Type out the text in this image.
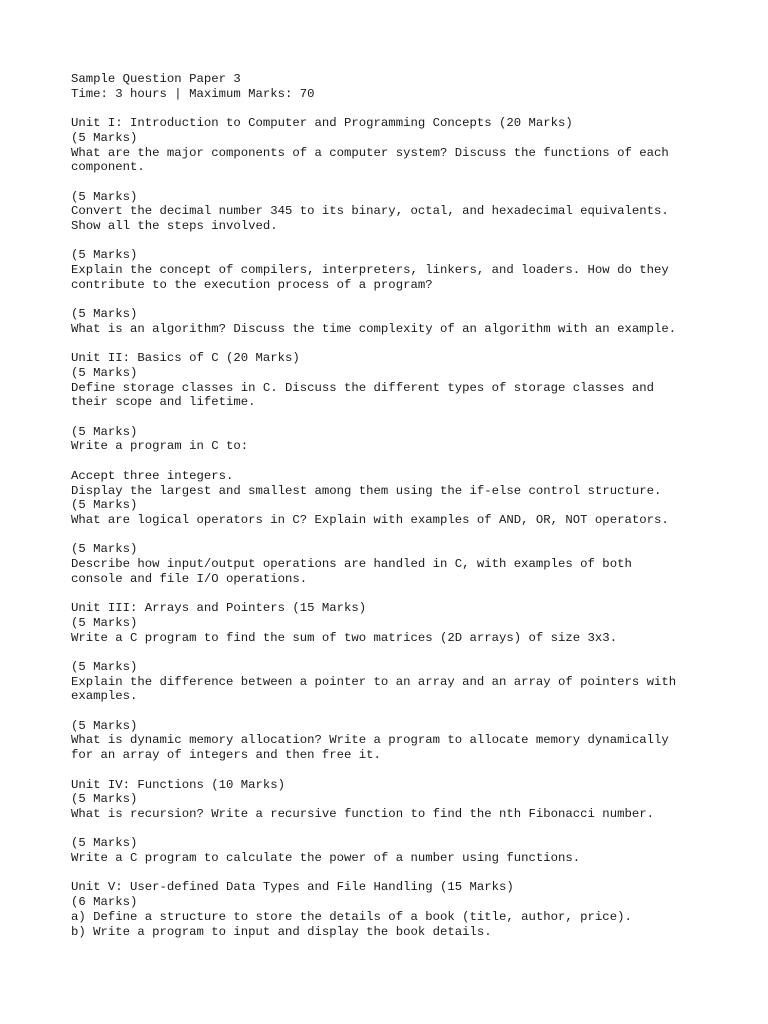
Sample Question Paper 3
Time: 3 hours | Maximum Marks: 70
Unit I: Introduction to Computer and Programming Concepts (20 Marks)
(5 Marks)
What are the major components of a computer system? Discuss the functions of each
component.
(5 Marks)
Convert the decimal number 345 to its binary, octal, and hexadecimal equivalents.
Show all the steps involved.
(5 Marks)
Explain the concept of compilers, interpreters, linkers, and loaders. How do they
contribute to the execution process of a program?
(5 Marks)
What is an algorithm? Discuss the time complexity of an algorithm with an example.
Unit II: Basics of C (20 Marks)
(5 Marks)
Define storage classes in C. Discuss the different types of storage classes and
their scope and lifetime.
(5 Marks)
Write a program in C to:
Accept three integers.
Display the largest and smallest among them using the if-else control structure.
(5 Marks)
What are logical operators in C? Explain with examples of AND, OR, NOT operators.
(5 Marks)
Describe how input/output operations are handled in C, with examples of both
console and file I/O operations.
Unit III: Arrays and Pointers (15 Marks)
(5 Marks)
Write a C program to find the sum of two matrices (2D arrays) of size 3x3.
(5 Marks)
Explain the difference between a pointer to an array and an array of pointers with
examples.
(5 Marks)
What is dynamic memory allocation? Write a program to allocate memory dynamically
for an array of integers and then free it.
Unit IV: Functions (10 Marks)
(5 Marks)
What is recursion? Write a recursive function to find the nth Fibonacci number.
(5 Marks)
Write a C program to calculate the power of a number using functions.
Unit V: User-defined Data Types and File Handling (15 Marks)
(6 Marks)
a) Define a structure to store the details of a book (title, author, price).
b) Write a program to input and display the book details.
